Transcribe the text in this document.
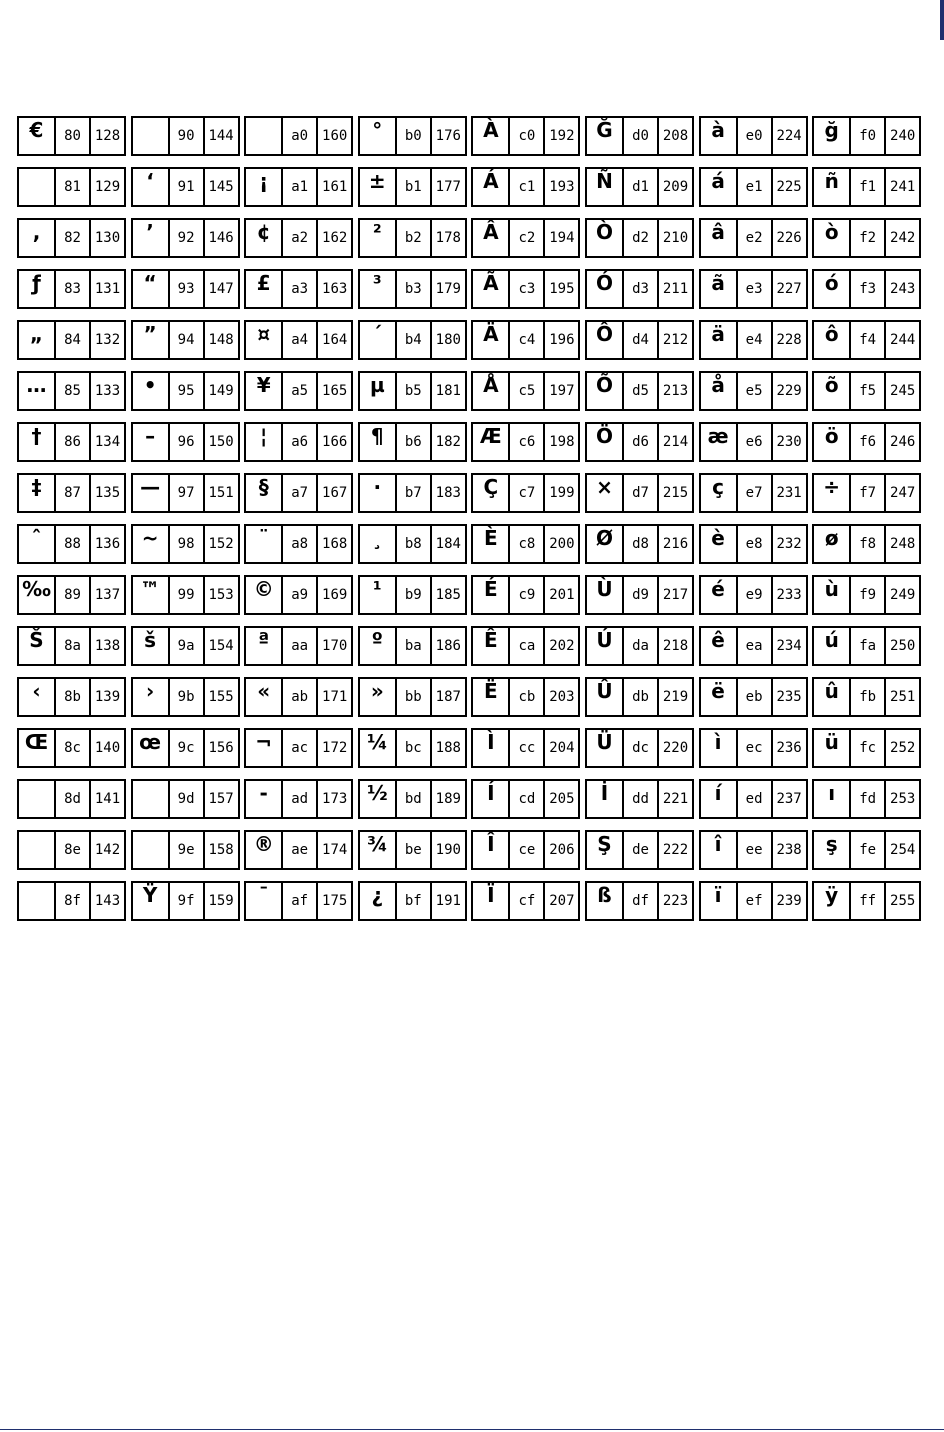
€	80 128
81 129
,	82 130
ƒ	83 131
„	84 132
…	85 133
†	86 134
‡	87 135
ˆ	88 136
‰ 89 137
Š	8a 138
‹	8b 139
Œ	8c 140
8d 141
8e 142
8f 143
90 144
‘	91 145
’	92 146
“	93 147
”	94 148
•	95 149
–	96 150
—	97 151
~	98 152
™	99 153
š	9a 154
›	9b 155
œ	9c 156
9d 157
9e 158
Ÿ	9f 159
a0 160
¡	a1 161
¢	a2 162
£	a3 163
¤	a4 164
¥	a5 165
¦	a6 166
§	a7 167
¨	a8 168
©	a9 169
ª	aa 170
«	ab 171
¬	ac 172
-	ad 173
®	ae 174
¯	af 175
°	b0 176
±	b1 177
²	b2 178
³	b3 179
´	b4 180
µ	b5 181
¶	b6 182
·	b7 183
¸	b8 184
¹	b9 185
º	ba 186
»	bb 187
¼	bc 188
½	bd 189
¾	be 190
¿	bf 191
À	c0 192
Á	c1 193
Â	c2 194
Ã	c3 195
Ä	c4 196
Å	c5 197
Æ	c6 198
Ç	c7 199
È	c8 200
É	c9 201
Ê	ca 202
Ë	cb 203
Ì	cc 204
Í	cd 205
Î	ce 206
Ï	cf 207
Ğ	d0 208
Ñ	d1 209
Ò	d2 210
Ó	d3 211
Ô	d4 212
Õ	d5 213
Ö	d6 214
×	d7 215
Ø	d8 216
Ù	d9 217
Ú	da 218
Û	db 219
Ü	dc 220
İ	dd 221
Ş	de 222
ß	df 223
à	e0 224
á	e1 225
â	e2 226
ã	e3 227
ä	e4 228
å	e5 229
æ	e6 230
ç	e7 231
è	e8 232
é	e9 233
ê	ea 234
ë	eb 235
ì	ec 236
í	ed 237
î	ee 238
ï	ef 239
ğ	f0 240
ñ	f1 241
ò	f2 242
ó	f3 243
ô	f4 244
õ	f5 245
ö	f6 246
÷	f7 247
ø	f8 248
ù	f9 249
ú	fa 250
û	fb 251
ü	fc 252
ı	fd 253
ş	fe 254
ÿ	ff 255
